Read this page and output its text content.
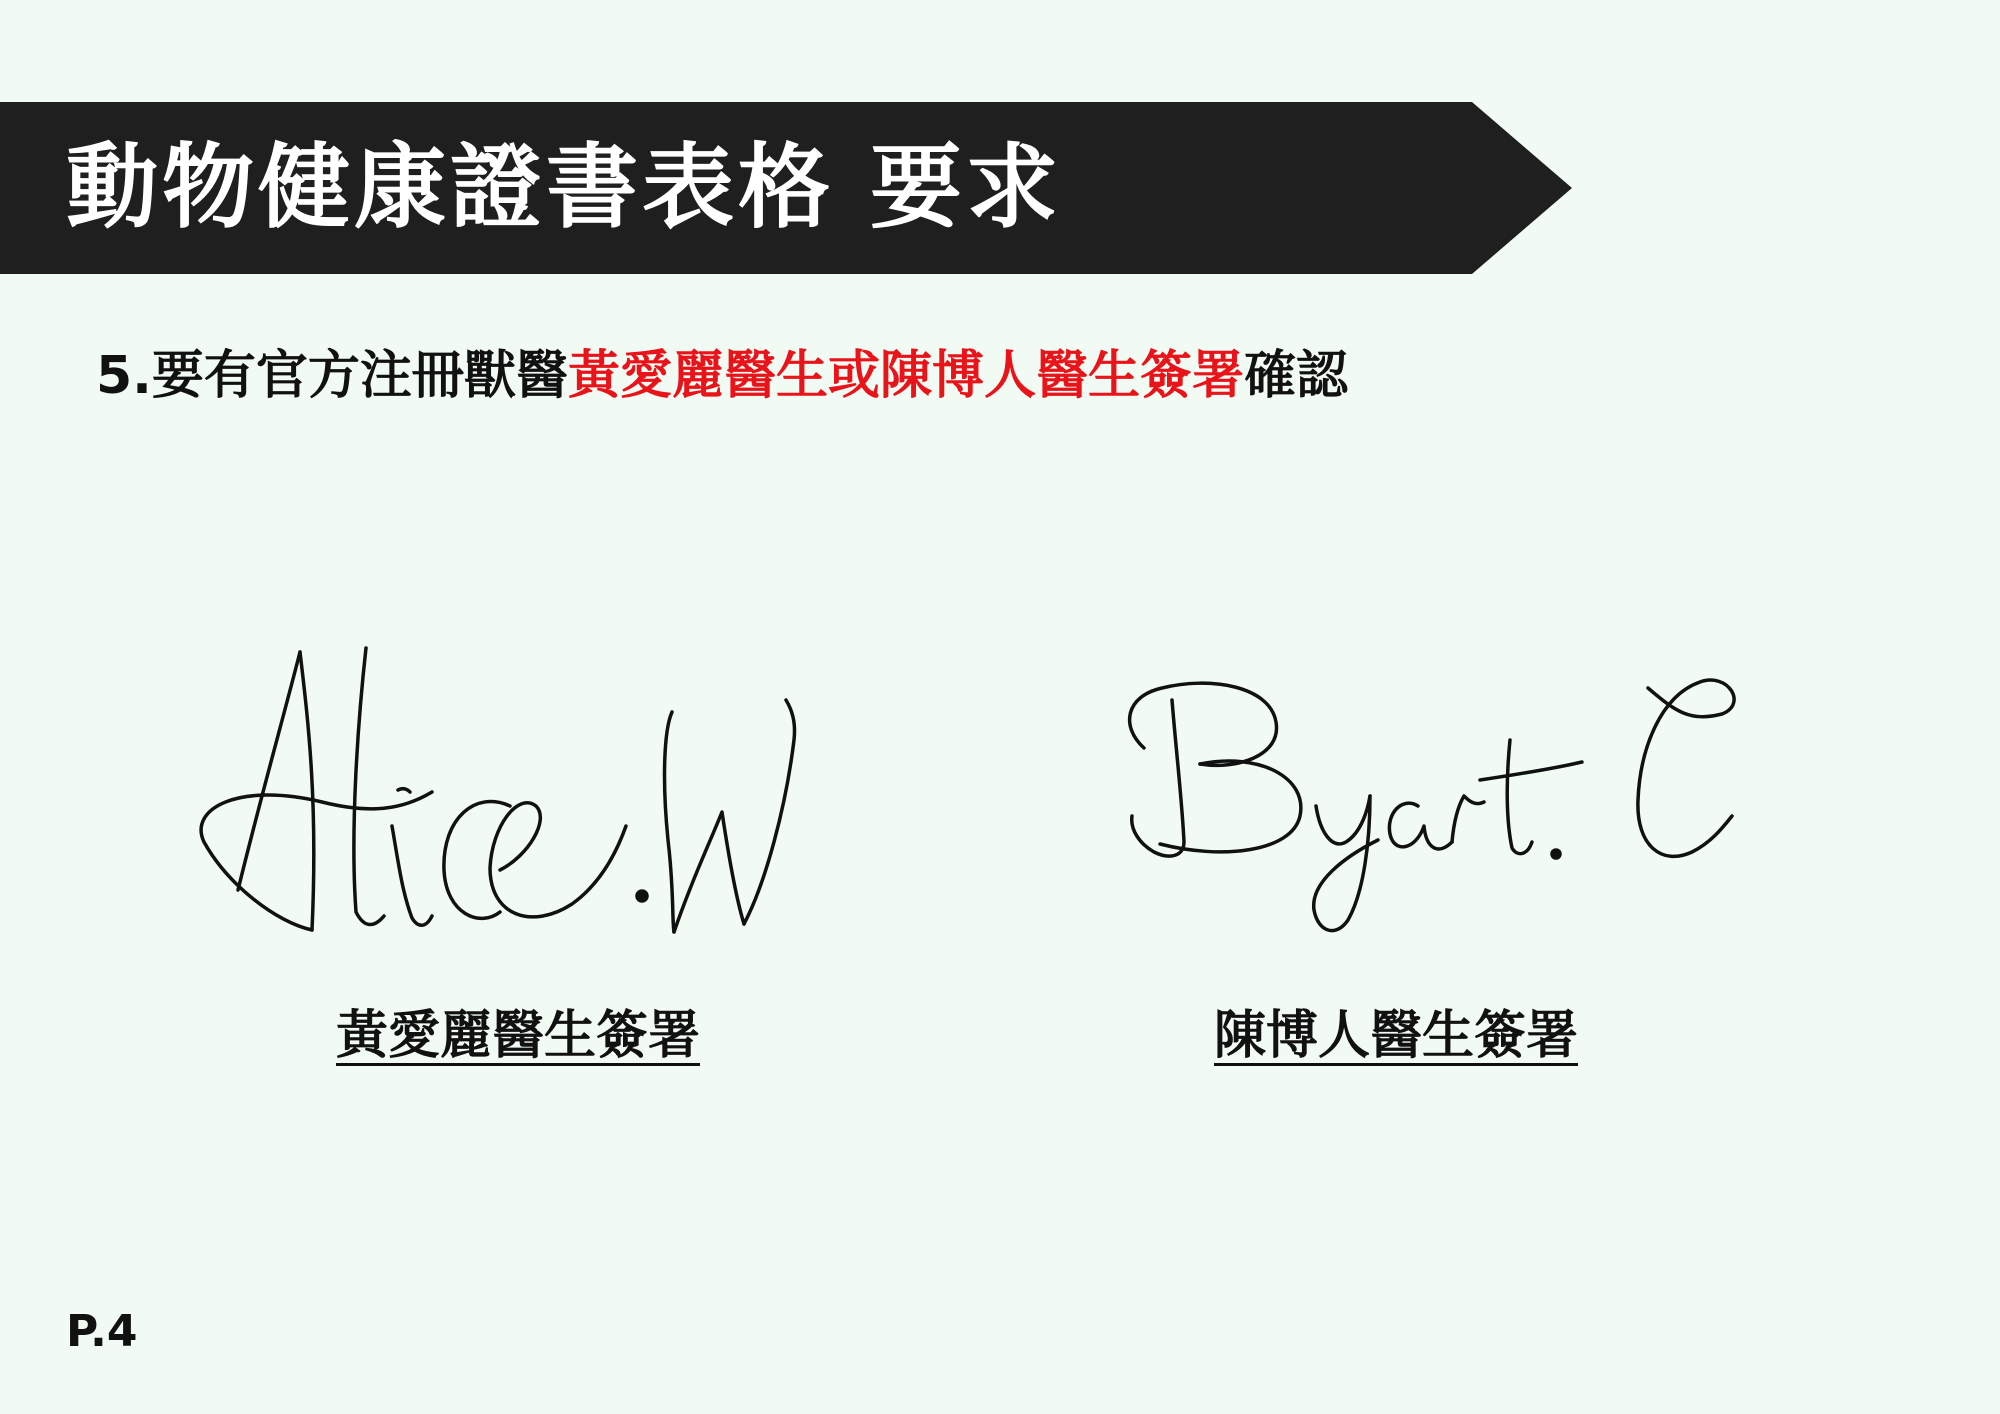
動物健康證書表格 要求

5.要有官方注冊獸醫黃愛麗醫生或陳博人醫生簽署確認

黃愛麗醫生簽署	陳博人醫生簽署
P.4
